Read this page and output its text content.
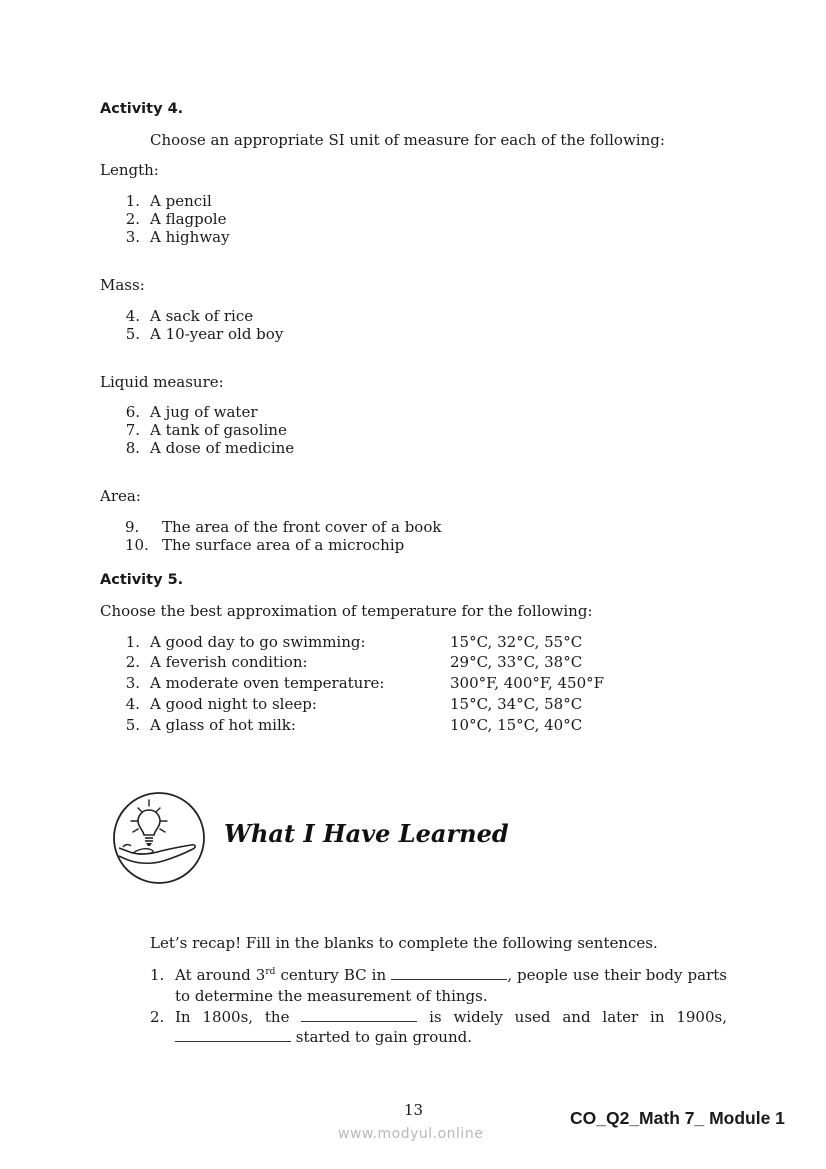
Activity 4.
Choose an appropriate SI unit of measure for each of the following:
Length:
1. A pencil
2. A flagpole
3. A highway
Mass:
4. A sack of rice
5. A 10-year old boy
Liquid measure:
6. A jug of water
7. A tank of gasoline
8. A dose of medicine
Area:
9. The area of the front cover of a book
10. The surface area of a microchip
Activity 5.
Choose the best approximation of temperature for the following:
1. A good day to go swimming:	15°C, 32°C, 55°C
2. A feverish condition:	29°C, 33°C, 38°C
3. A moderate oven temperature:	300°F, 400°F, 450°F
4. A good night to sleep:	15°C, 34°C, 58°C
5. A glass of hot milk:	10°C, 15°C, 40°C
What I Have Learned
Let’s recap! Fill in the blanks to complete the following sentences.
1. At around 3rd century BC in	, people use their body parts
to determine the measurement of things.
2. In 1800s, the	is widely used and later in 1900s,
started to gain ground.
13	CO_Q2_Math 7_ Module 1
www.modyul.online
